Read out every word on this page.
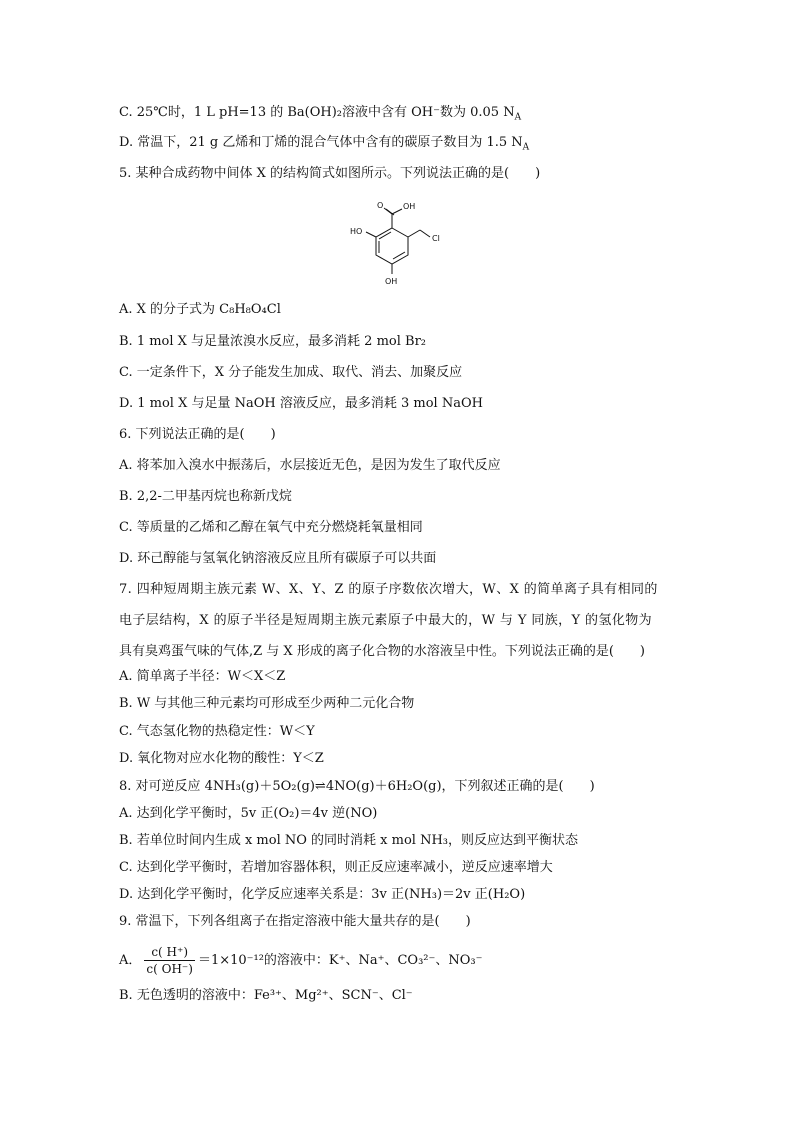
C. 25℃时，1 L pH=13 的 Ba(OH)₂溶液中含有 OH⁻数为 0.05 $N_A$
D. 常温下，21 g 乙烯和丁烯的混合气体中含有的碳原子数目为 1.5 $N_A$
5. 某种合成药物中间体 X 的结构简式如图所示。下列说法正确的是(　　)
O OH
HO
Cl
OH
A. X 的分子式为 C₈H₈O₄Cl
B. 1 mol X 与足量浓溴水反应，最多消耗 2 mol Br₂
C. 一定条件下，X 分子能发生加成、取代、消去、加聚反应
D. 1 mol X 与足量 NaOH 溶液反应，最多消耗 3 mol NaOH
6. 下列说法正确的是(　　)
A. 将苯加入溴水中振荡后，水层接近无色，是因为发生了取代反应
B. 2,2-二甲基丙烷也称新戊烷
C. 等质量的乙烯和乙醇在氧气中充分燃烧耗氧量相同
D. 环己醇能与氢氧化钠溶液反应且所有碳原子可以共面
7. 四种短周期主族元素 W、X、Y、Z 的原子序数依次增大，W、X 的简单离子具有相同的
电子层结构，X 的原子半径是短周期主族元素原子中最大的，W 与 Y 同族，Y 的氢化物为
具有臭鸡蛋气味的气体,Z 与 X 形成的离子化合物的水溶液呈中性。下列说法正确的是(　　)
A. 简单离子半径：W＜X＜Z
B. W 与其他三种元素均可形成至少两种二元化合物
C. 气态氢化物的热稳定性：W＜Y
D. 氧化物对应水化物的酸性：Y＜Z
8. 对可逆反应 4NH₃(g)＋5O₂(g)⇌4NO(g)＋6H₂O(g)，下列叙述正确的是(　　)
A. 达到化学平衡时，5v 正(O₂)＝4v 逆(NO)
B. 若单位时间内生成 x mol NO 的同时消耗 x mol NH₃，则反应达到平衡状态
C. 达到化学平衡时，若增加容器体积，则正反应速率减小，逆反应速率增大
D. 达到化学平衡时，化学反应速率关系是：3v 正(NH₃)＝2v 正(H₂O)
9. 常温下，下列各组离子在指定溶液中能大量共存的是(　　)
A． $\frac{c( H^+)}{c( OH^-)} =1\times 10^{-12}$的溶液中：K⁺、Na⁺、CO₃²⁻、NO₃⁻
B. 无色透明的溶液中：Fe³⁺、Mg²⁺、SCN⁻、Cl⁻
